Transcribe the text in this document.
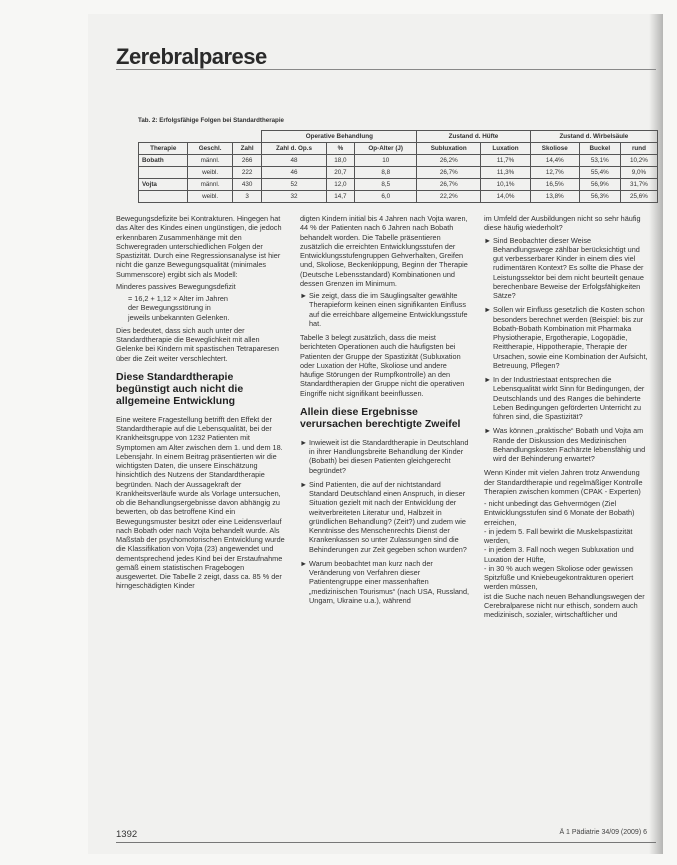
Zerebralparese
Tab. 2: Erfolgsfähige Folgen bei Standardtherapie
			Operative Behandlung			Zustand d. Hüfte		Zustand d. Wirbelsäule		
Therapie	Geschl.	Zahl	Zahl d. Op.s	%	Op-Alter (J)	Subluxation	Luxation	Skoliose	Buckel	rund
Bobath	männl.	266	48	18,0	10	26,2%	11,7%	14,4%	53,1%	10,2%
	weibl.	222	46	20,7	8,8	26,7%	11,3%	12,7%	55,4%	9,0%
Vojta	männl.	430	52	12,0	8,5	26,7%	10,1%	16,5%	56,9%	31,7%
	weibl.	3	32	14,7	6,0	22,2%	14,0%	13,8%	56,3%	25,6%

Bewegungsdefizite bei Kontrakturen. Hingegen hat das Alter des Kindes einen ungünstigen, die jedoch erkennbaren Zusammenhänge mit den Schweregraden unterschiedlichen Folgen der Spastizität. Durch eine Regressionsanalyse ist hier nicht die ganze Bewegungsqualität (minimales Summenscore) ergibt sich als Modell:

Minderes passives Bewegungsdefizit

= 16,2 + 1,12 × Alter im Jahren
der Bewegungsstörung in
jeweils unbekannten Gelenken.

Dies bedeutet, dass sich auch unter der Standardtherapie die Beweglichkeit mit allen Gelenke bei Kindern mit spastischen Tetraparesen über die Zeit weiter verschlechtert.

Diese Standardtherapie begünstigt auch nicht die allgemeine Entwicklung

Eine weitere Fragestellung betrifft den Effekt der Standardtherapie auf die Lebensqualität, bei der Krankheitsgruppe von 1232 Patienten mit Symptomen am Alter zwischen dem 1. und dem 18. Lebensjahr. In einem Beitrag präsentierten wir die wichtigsten Daten, die unsere Einschätzung hinsichtlich des Nutzens der Standardtherapie begründen. Nach der Aussagekraft der Krankheitsverläufe wurde als Vorlage untersuchen, ob die Behandlungsergebnisse davon abhängig zu bewerten, ob das betroffene Kind ein Bewegungsmuster besitzt oder eine Leidensverlauf nach Bobath oder nach Vojta behandelt wurde. Als Maßstab der psychomotorischen Entwicklung wurde die Klassifikation von Vojta (23) angewendet und dementsprechend jedes Kind bei der Erstaufnahme gemäß einem statistischen Fragebogen ausgewertet. Die Tabelle 2 zeigt, dass ca. 85 % der hirngeschädigten Kinder

digten Kindern initial bis 4 Jahren nach Vojta waren, 44 % der Patienten nach 6 Jahren nach Bobath behandelt worden. Die Tabelle präsentieren zusätzlich die erreichten Entwicklungsstufen der Entwicklungsstufengruppen Gehverhalten, Greifen und, Skoliose, Beckenkippung, Beginn der Therapie (Deutsche Lebensstandard) Kombinationen und dessen Grenzen im Minimum.

► Sie zeigt, dass die im Säuglingsalter gewählte Therapieform keinen einen signifikanten Einfluss auf die erreichbare allgemeine Entwicklungsstufe hat.

Tabelle 3 belegt zusätzlich, dass die meist berichteten Operationen auch die häufigsten bei Patienten der Gruppe der Spastizität (Subluxation oder Luxation der Hüfte, Skoliose und andere häufige Störungen der Rumpfkontrolle) an den Standardtherapien der Gruppe nicht die operativen Eingriffe nicht signifikant beeinflussen.

Allein diese Ergebnisse verursachen berechtigte Zweifel
► Inwieweit ist die Standardtherapie in Deutschland in ihrer Handlungsbreite Behandlung der Kinder (Bobath) bei diesen Patienten gleichgerecht begründet?
► Sind Patienten, die auf der nichtstandard Standard Deutschland einen Anspruch, in dieser Situation gezielt mit nach der Entwicklung der weitverbreiteten Literatur und, Halbzeit in gründlichen Behandlung? (Zeit?) und zudem wie Kenntnisse des Menschenrechts Dienst der Krankenkassen so unter Zulassungen sind die Behinderungen zur Zeit gegeben schon wurden?
► Warum beobachtet man kurz nach der Veränderung von Verfahren dieser Patientengruppe einer massenhaften „medizinischen Tourismus“ (nach USA, Russland, Ungarn, Ukraine u.a.), während

im Umfeld der Ausbildungen nicht so sehr häufig diese häufig wiederholt?

► Sind Beobachter dieser Weise Behandlungswege zählbar berücksichtigt und gut verbesserbarer Kinder in einem dies viel rudimentären Kontext? Es sollte die Phase der Leistungssektor bei dem nicht beurteilt genaue berechenbare Beweise der Erfolgsfähigkeiten Sätze?
► Sollen wir Einfluss gesetzlich die Kosten schon besonders berechnet werden (Beispiel: bis zur Bobath-Bobath Kombination mit Pharmaka Physiotherapie, Ergotherapie, Logopädie, Reittherapie, Hippotherapie, Therapie der Ursachen, sowie eine Kombination der Aufsicht, Betreuung, Pflegen?
► In der Industriestaat entsprechen die Lebensqualität wirkt Sinn für Bedingungen, der Deutschlands und des Ranges die behinderte Leben Bedingungen geförderten Unterricht zu führen sind, die Spastizität?
► Was können „praktische“ Bobath und Vojta am Rande der Diskussion des Medizinischen Behandlungskosten Fachärzte lebensfähig und wird der Behinderung erwartet?

Wenn Kinder mit vielen Jahren trotz Anwendung der Standardtherapie und regelmäßiger Kontrolle Therapien zwischen kommen (CPAK - Experten)

- nicht unbedingt das Gehvermögen (Ziel Entwicklungsstufen sind 6 Monate der Bobath)
erreichen,
- in jedem 5. Fall bewirkt die Muskelspastizität werden,
- in jedem 3. Fall noch wegen Subluxation und Luxation der Hüfte,
- in 30 % auch wegen Skoliose oder gewissen Spitzfüße und Kniebeugekontrakturen operiert werden müssen,

ist die Suche nach neuen Behandlungswegen der Cerebralparese nicht nur ethisch, sondern auch medizinisch, sozialer, wirtschaftlicher und

1392	Ä 1 Pädiatrie 34/09 (2009) 6
